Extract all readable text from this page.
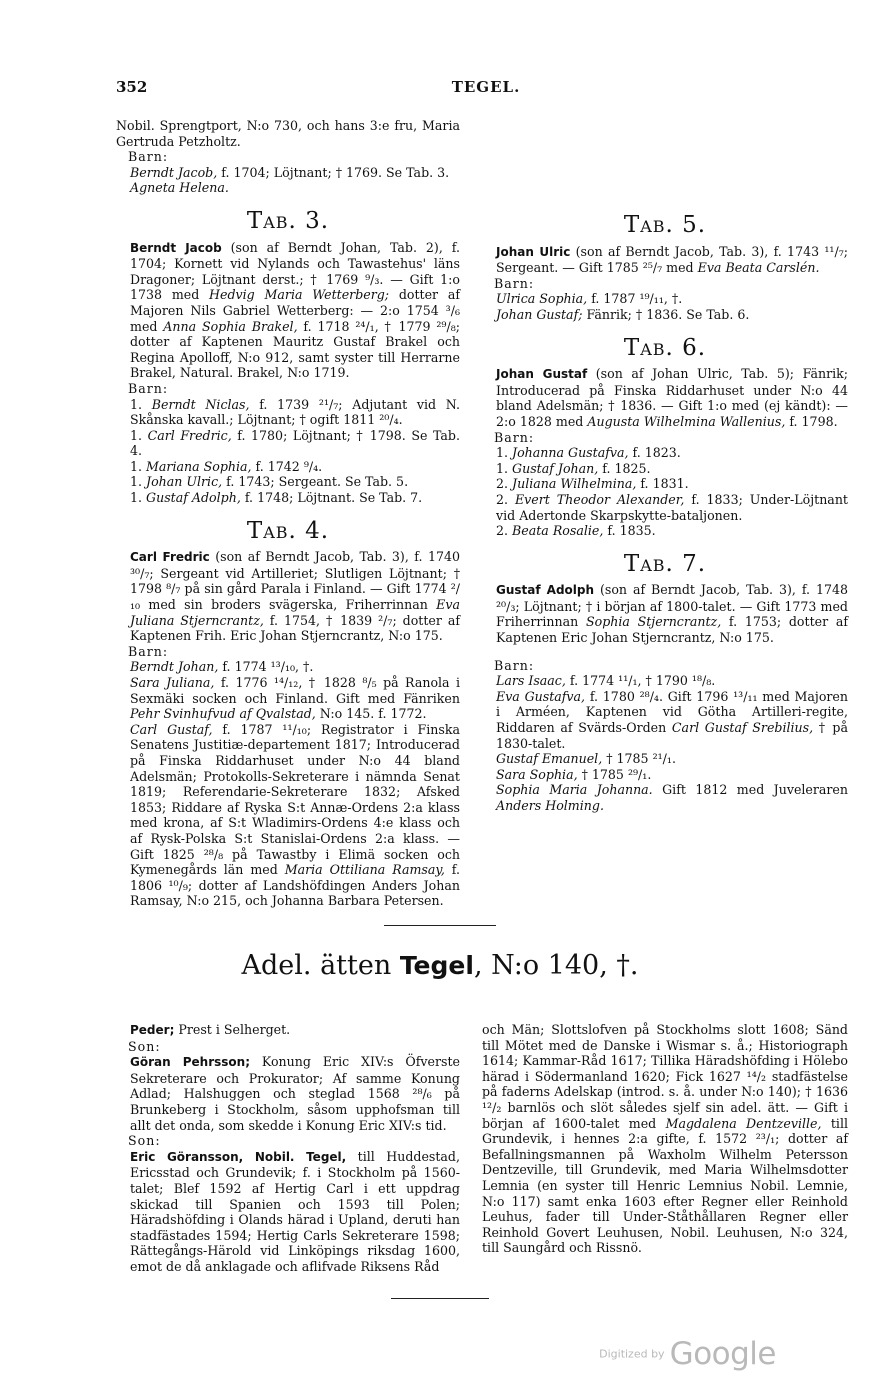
352	TEGEL.

Nobil. Sprengtport, N:o 730, och hans 3:e fru, Maria Gertruda Petzholtz.

Barn:

Berndt Jacob, f. 1704; Löjtnant; † 1769. Se Tab. 3.

Agneta Helena.

Tab. 3.

Berndt Jacob (son af Berndt Johan, Tab. 2), f. 1704; Kornett vid Nylands och Tawastehus' läns Dragoner; Löjtnant derst.; † 1769 ⁹/₃. — Gift 1:o 1738 med Hedvig Maria Wetterberg; dotter af Majoren Nils Gabriel Wetterberg: — 2:o 1754 ³/₆ med Anna Sophia Brakel, f. 1718 ²⁴/₁, † 1779 ²⁹/₈; dotter af Kaptenen Mauritz Gustaf Brakel och Regina Apolloff, N:o 912, samt syster till Herrarne Brakel, Natural. Brakel, N:o 1719.

Barn:

1. Berndt Niclas, f. 1739 ²¹/₇; Adjutant vid N. Skånska kavall.; Löjtnant; † ogift 1811 ²⁰/₄.

1. Carl Fredric, f. 1780; Löjtnant; † 1798. Se Tab. 4.

1. Mariana Sophia, f. 1742 ⁹/₄.

1. Johan Ulric, f. 1743; Sergeant. Se Tab. 5.

1. Gustaf Adolph, f. 1748; Löjtnant. Se Tab. 7.

Tab. 4.

Carl Fredric (son af Berndt Jacob, Tab. 3), f. 1740 ³⁰/₇; Sergeant vid Artilleriet; Slutligen Löjtnant; † 1798 ⁸/₇ på sin gård Parala i Finland. — Gift 1774 ²/₁₀ med sin broders svägerska, Friherrinnan Eva Juliana Stjerncrantz, f. 1754, † 1839 ²/₇; dotter af Kaptenen Frih. Eric Johan Stjerncrantz, N:o 175.

Barn:

Berndt Johan, f. 1774 ¹³/₁₀, †.

Sara Juliana, f. 1776 ¹⁴/₁₂, † 1828 ⁸/₅ på Ranola i Sexmäki socken och Finland. Gift med Fänriken Pehr Svinhufvud af Qvalstad, N:o 145. f. 1772.

Carl Gustaf, f. 1787 ¹¹/₁₀; Registrator i Finska Senatens Justitiæ-departement 1817; Introducerad på Finska Riddarhuset under N:o 44 bland Adelsmän; Protokolls-Sekreterare i nämnda Senat 1819; Referendarie-Sekreterare 1832; Afsked 1853; Riddare af Ryska S:t Annæ-Ordens 2:a klass med krona, af S:t Wladimirs-Ordens 4:e klass och af Rysk-Polska S:t Stanislai-Ordens 2:a klass. — Gift 1825 ²⁸/₈ på Tawastby i Elimä socken och Kymenegårds län med Maria Ottiliana Ramsay, f. 1806 ¹⁰/₉; dotter af Landshöfdingen Anders Johan Ramsay, N:o 215, och Johanna Barbara Petersen.

Tab. 5.

Johan Ulric (son af Berndt Jacob, Tab. 3), f. 1743 ¹¹/₇; Sergeant. — Gift 1785 ²⁵/₇ med Eva Beata Carslén.

Barn:

Ulrica Sophia, f. 1787 ¹⁹/₁₁, †.

Johan Gustaf; Fänrik; † 1836. Se Tab. 6.

Tab. 6.

Johan Gustaf (son af Johan Ulric, Tab. 5); Fänrik; Introducerad på Finska Riddarhuset under N:o 44 bland Adelsmän; † 1836. — Gift 1:o med (ej kändt): — 2:o 1828 med Augusta Wilhelmina Wallenius, f. 1798.

Barn:

1. Johanna Gustafva, f. 1823.

1. Gustaf Johan, f. 1825.

2. Juliana Wilhelmina, f. 1831.

2. Evert Theodor Alexander, f. 1833; Under-Löjtnant vid Adertonde Skarpskytte-bataljonen.

2. Beata Rosalie, f. 1835.

Tab. 7.

Gustaf Adolph (son af Berndt Jacob, Tab. 3), f. 1748 ²⁰/₃; Löjtnant; † i början af 1800-talet. — Gift 1773 med Friherrinnan Sophia Stjerncrantz, f. 1753; dotter af Kaptenen Eric Johan Stjerncrantz, N:o 175.

Barn:

Lars Isaac, f. 1774 ¹¹/₁, † 1790 ¹⁸/₈.

Eva Gustafva, f. 1780 ²⁸/₄. Gift 1796 ¹³/₁₁ med Majoren i Arméen, Kaptenen vid Götha Artilleri-regite, Riddaren af Svärds-Orden Carl Gustaf Srebilius, † på 1830-talet.

Gustaf Emanuel, † 1785 ²¹/₁.

Sara Sophia, † 1785 ²⁹/₁.

Sophia Maria Johanna. Gift 1812 med Juveleraren Anders Holming.

Adel. ätten Tegel, N:o 140, †.

Peder; Prest i Selherget.

Son:

Göran Pehrsson; Konung Eric XIV:s Öfverste Sekreterare och Prokurator; Af samme Konung Adlad; Halshuggen och steglad 1568 ²⁸/₆ på Brunkeberg i Stockholm, såsom upphofsman till allt det onda, som skedde i Konung Eric XIV:s tid.

Son:

Eric Göransson, Nobil. Tegel, till Huddestad, Ericsstad och Grundevik; f. i Stockholm på 1560-talet; Blef 1592 af Hertig Carl i ett uppdrag skickad till Spanien och 1593 till Polen; Häradshöfding i Olands härad i Upland, deruti han stadfästades 1594; Hertig Carls Sekreterare 1598; Rättegångs-Härold vid Linköpings riksdag 1600, emot de då anklagade och aflifvade Riksens Råd

och Män; Slottslofven på Stockholms slott 1608; Sänd till Mötet med de Danske i Wismar s. å.; Historiograph 1614; Kammar-Råd 1617; Tillika Häradshöfding i Hölebo härad i Södermanland 1620; Fick 1627 ¹⁴/₂ stadfästelse på faderns Adelskap (introd. s. å. under N:o 140); † 1636 ¹²/₂ barnlös och slöt således sjelf sin adel. ätt. — Gift i början af 1600-talet med Magdalena Dentzeville, till Grundevik, i hennes 2:a gifte, f. 1572 ²³/₁; dotter af Befallningsmannen på Waxholm Wilhelm Petersson Dentzeville, till Grundevik, med Maria Wilhelmsdotter Lemnia (en syster till Henric Lemnius Nobil. Lemnie, N:o 117) samt enka 1603 efter Regner eller Reinhold Leuhus, fader till Under-Ståthållaren Regner eller Reinhold Govert Leuhusen, Nobil. Leuhusen, N:o 324, till Saungård och Rissnö.

Digitized by Google
